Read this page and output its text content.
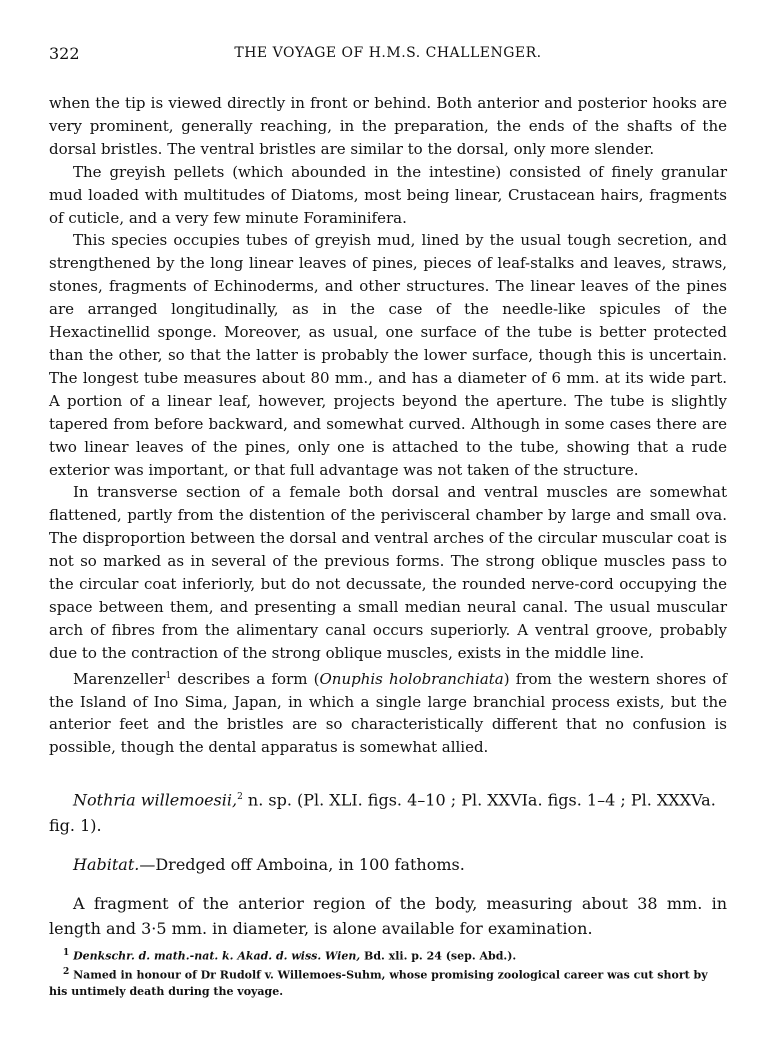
322	THE VOYAGE OF H.M.S. CHALLENGER.

when the tip is viewed directly in front or behind. Both anterior and posterior hooks are very prominent, generally reaching, in the preparation, the ends of the shafts of the dorsal bristles. The ventral bristles are similar to the dorsal, only more slender.

The greyish pellets (which abounded in the intestine) consisted of finely granular mud loaded with multitudes of Diatoms, most being linear, Crustacean hairs, fragments of cuticle, and a very few minute Foraminifera.

This species occupies tubes of greyish mud, lined by the usual tough secretion, and strengthened by the long linear leaves of pines, pieces of leaf-stalks and leaves, straws, stones, fragments of Echinoderms, and other structures. The linear leaves of the pines are arranged longitudinally, as in the case of the needle-like spicules of the Hexactinellid sponge. Moreover, as usual, one surface of the tube is better protected than the other, so that the latter is probably the lower surface, though this is uncertain. The longest tube measures about 80 mm., and has a diameter of 6 mm. at its wide part. A portion of a linear leaf, however, projects beyond the aperture. The tube is slightly tapered from before backward, and somewhat curved. Although in some cases there are two linear leaves of the pines, only one is attached to the tube, showing that a rude exterior was important, or that full advantage was not taken of the structure.

In transverse section of a female both dorsal and ventral muscles are somewhat flattened, partly from the distention of the perivisceral chamber by large and small ova. The disproportion between the dorsal and ventral arches of the circular muscular coat is not so marked as in several of the previous forms. The strong oblique muscles pass to the circular coat inferiorly, but do not decussate, the rounded nerve-cord occupying the space between them, and presenting a small median neural canal. The usual muscular arch of fibres from the alimentary canal occurs superiorly. A ventral groove, probably due to the contraction of the strong oblique muscles, exists in the middle line.

Marenzeller$^1$ describes a form (Onuphis holobranchiata) from the western shores of the Island of Ino Sima, Japan, in which a single large branchial process exists, but the anterior feet and the bristles are so characteristically different that no confusion is possible, though the dental apparatus is somewhat allied.

Nothria willemoesii,$^2$ n. sp. (Pl. XLI. figs. 4–10 ; Pl. XXVIa. figs. 1–4 ; Pl. XXXVa. fig. 1).

Habitat.—Dredged off Amboina, in 100 fathoms.

A fragment of the anterior region of the body, measuring about 38 mm. in length and 3·5 mm. in diameter, is alone available for examination.

$^1$ Denkschr. d. math.-nat. k. Akad. d. wiss. Wien, Bd. xli. p. 24 (sep. Abd.).

$^2$ Named in honour of Dr Rudolf v. Willemoes-Suhm, whose promising zoological career was cut short by his untimely death during the voyage.
